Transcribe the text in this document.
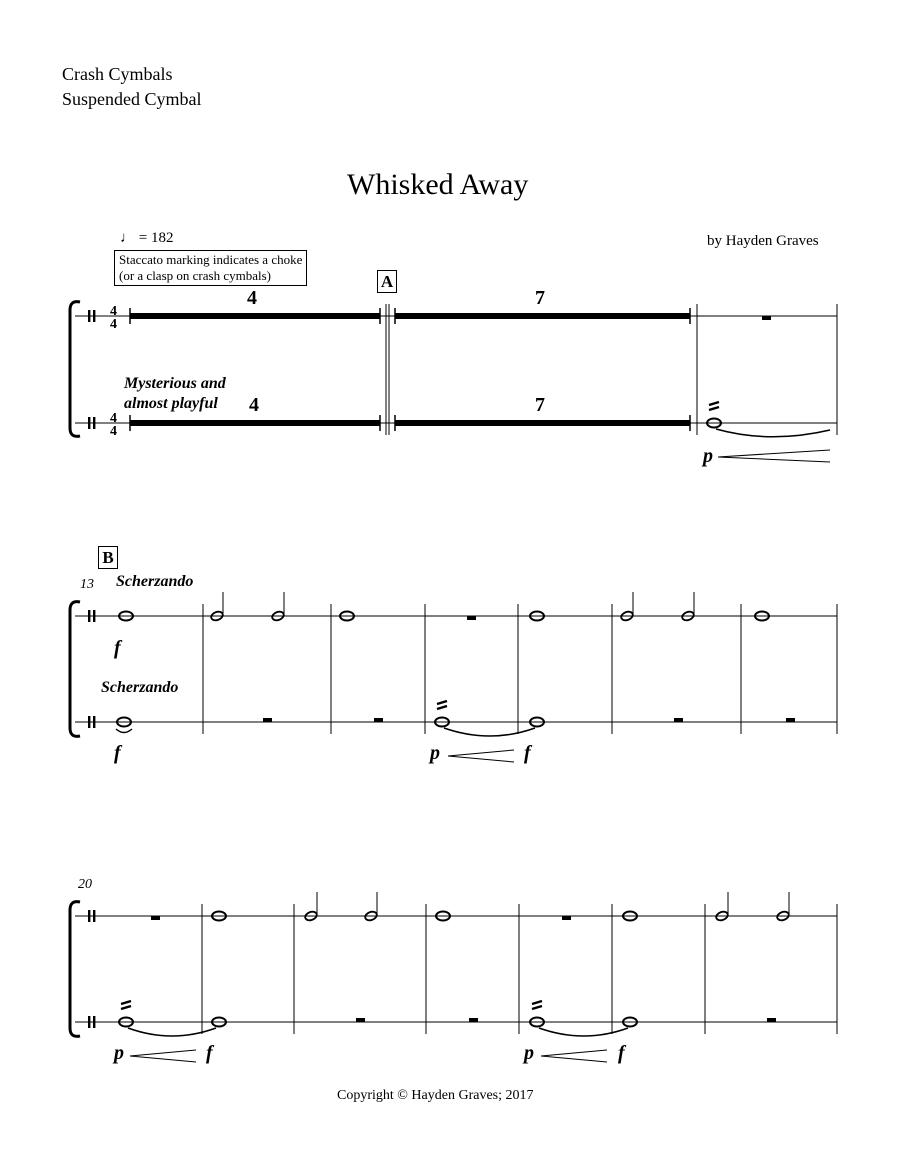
Crash Cymbals
Suspended Cymbal
Whisked Away
by Hayden Graves
♩ = 182
Staccato marking indicates a choke
(or a clasp on crash cymbals)	A
B
4	7
4	7
Mysterious and
almost playful
p
13 Scherzando
Scherzando
f
f	p	f
20
p	f	p	f
Copyright © Hayden Graves; 2017
4
4
4
4
